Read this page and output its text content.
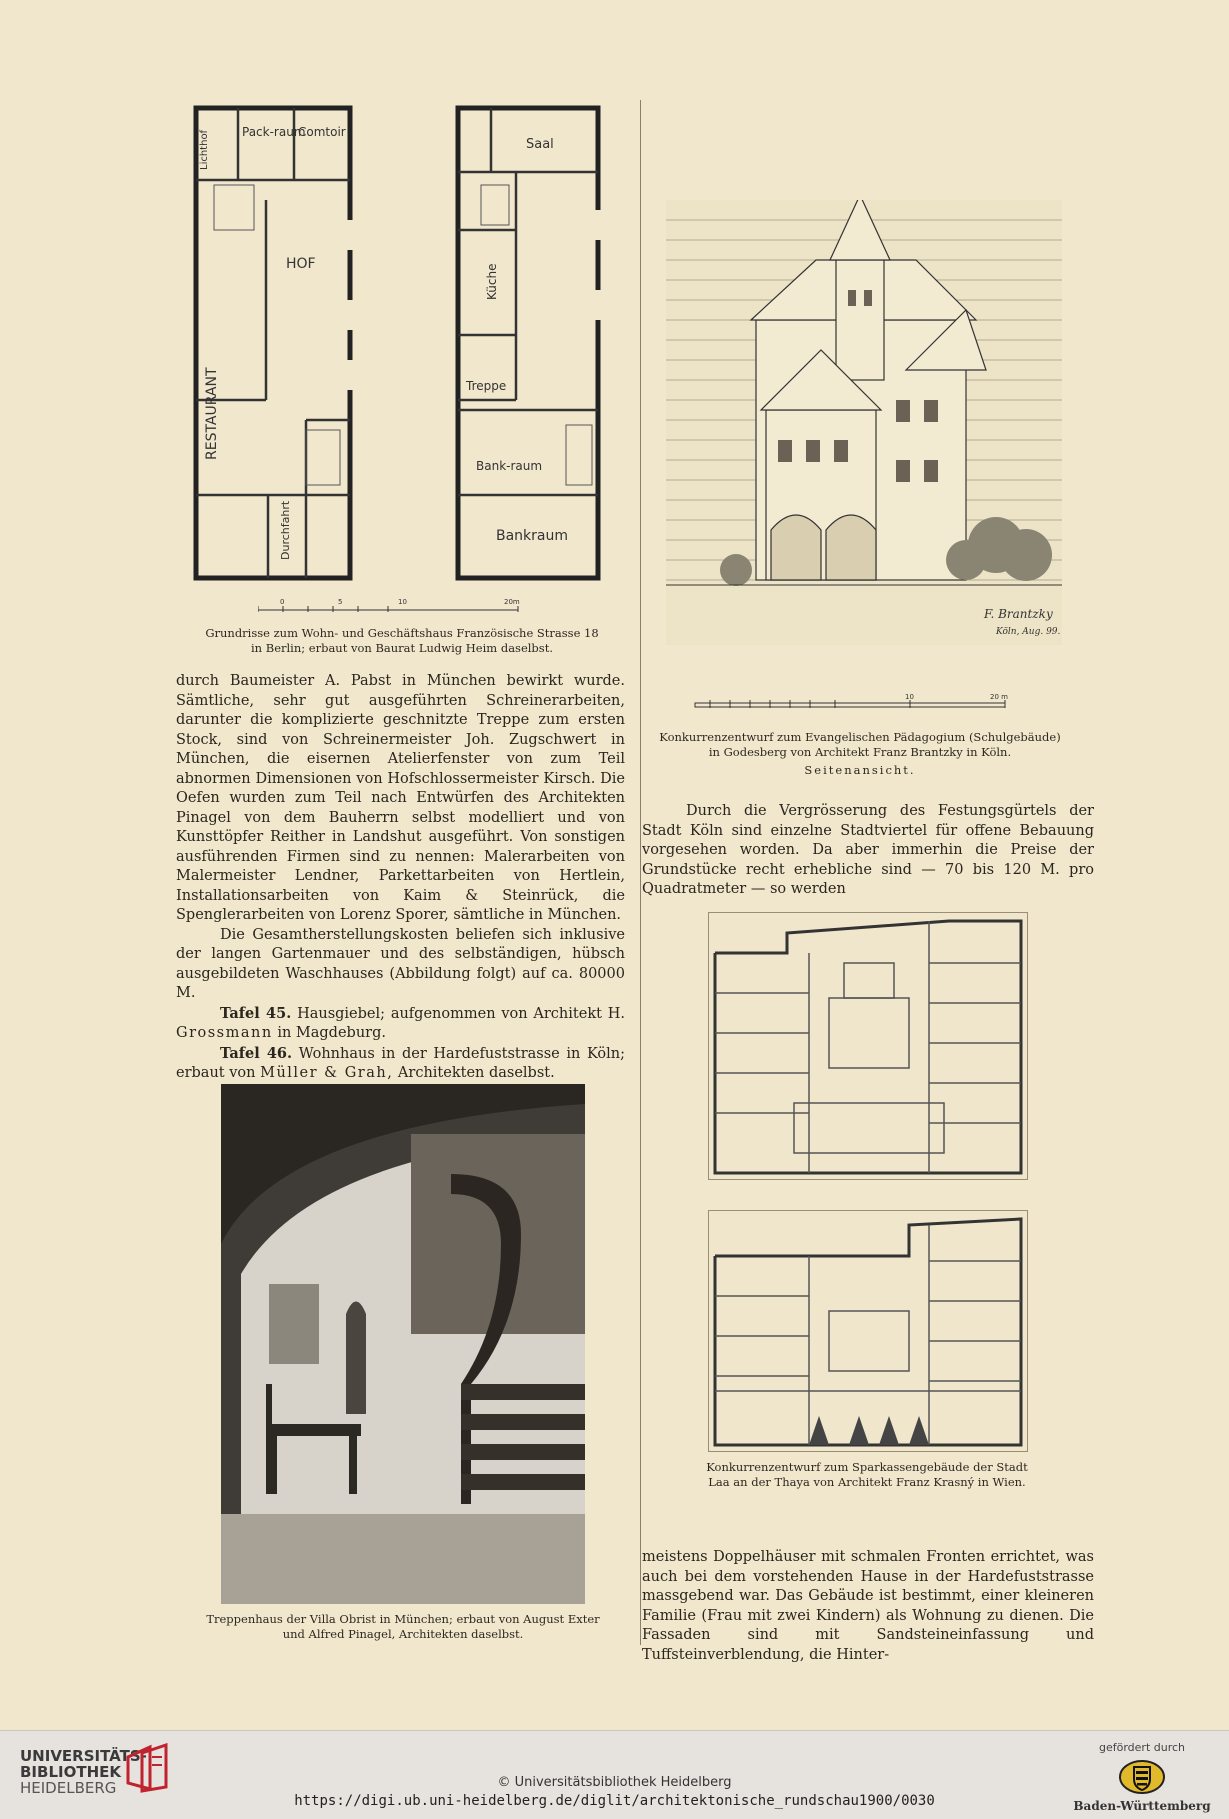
Pack-raum
Comtoir
HOF
RESTAURANT
Durchfahrt
Lichthof	Saal
Küche
Treppe
Bank-raum
Bankraum
0	5	10	20m
Grundrisse zum Wohn- und Geschäftshaus Französische Strasse 18
in Berlin; erbaut von Baurat Ludwig Heim daselbst.
F. Brantzky
Köln, Aug. 99.
10	20 m
Konkurrenzentwurf zum Evangelischen Pädagogium (Schulgebäude)
in Godesberg von Architekt Franz Brantzky in Köln.
Seitenansicht.

durch Baumeister A. Pabst in München bewirkt wurde. Sämtliche, sehr gut ausgeführten Schreinerarbeiten, darunter die komplizierte geschnitzte Treppe zum ersten Stock, sind von Schreinermeister Joh. Zugschwert in München, die eisernen Atelierfenster von zum Teil abnormen Dimensionen von Hofschlossermeister Kirsch. Die Oefen wurden zum Teil nach Entwürfen des Architekten Pinagel von dem Bauherrn selbst modelliert und von Kunsttöpfer Reither in Landshut ausgeführt. Von sonstigen ausführenden Firmen sind zu nennen: Malerarbeiten von Malermeister Lendner, Parkettarbeiten von Hertlein, Installationsarbeiten von Kaim & Steinrück, die Spenglerarbeiten von Lorenz Sporer, sämtliche in München.

Die Gesamtherstellungskosten beliefen sich inklusive der langen Gartenmauer und des selbständigen, hübsch ausgebildeten Waschhauses (Abbildung folgt) auf ca. 80000 M.

Tafel 45. Hausgiebel; aufgenommen von Architekt H. Grossmann in Magdeburg.

Tafel 46. Wohnhaus in der Hardefuststrasse in Köln; erbaut von Müller & Grah, Architekten daselbst.

Durch die Vergrösserung des Festungsgürtels der Stadt Köln sind einzelne Stadtviertel für offene Bebauung vorgesehen worden. Da aber immerhin die Preise der Grundstücke recht erhebliche sind — 70 bis 120 M. pro Quadratmeter — so werden

Konkurrenzentwurf zum Sparkassengebäude der Stadt
Laa an der Thaya von Architekt Franz Krasný in Wien.

meistens Doppelhäuser mit schmalen Fronten errichtet, was auch bei dem vorstehenden Hause in der Hardefuststrasse massgebend war. Das Gebäude ist bestimmt, einer kleineren Familie (Frau mit zwei Kindern) als Wohnung zu dienen. Die Fassaden sind mit Sandsteineinfassung und Tuffsteinverblendung, die Hinter-

Treppenhaus der Villa Obrist in München; erbaut von August Exter
und Alfred Pinagel, Architekten daselbst.
UNIVERSITÄTS-
BIBLIOTHEK
HEIDELBERG	© Universitätsbibliothek Heidelberg
https://digi.ub.uni-heidelberg.de/diglit/architektonische_rundschau1900/0030
gefördert durch
Baden-Württemberg
